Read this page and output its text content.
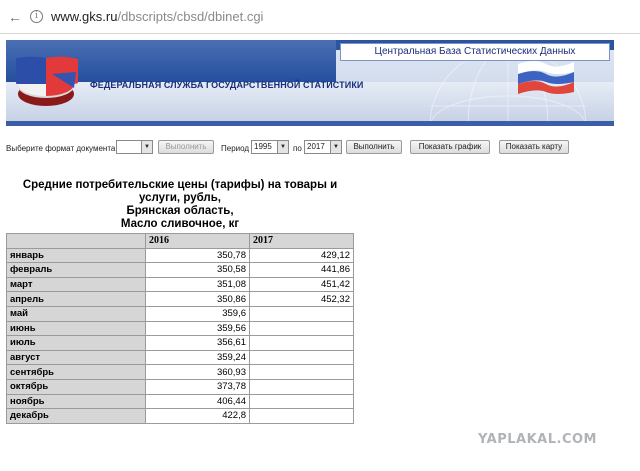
←	i	www.gks.ru/dbscripts/cbsd/dbinet.cgi
Центральная База Статистических Данных
ФЕДЕРАЛЬНАЯ СЛУЖБА ГОСУДАРСТВЕННОЙ СТАТИСТИКИ
Выберите формат документа	▼	Выполнить	Период 1995	▼ по 2017	▼	Выполнить	Показать график	Показать карту
Средние потребительские цены (тарифы) на товары и
услуги, рубль,
Брянская область,
Масло сливочное, кг
	2016	2017
январь	350,78	429,12
февраль	350,58	441,86
март	351,08	451,42
апрель	350,86	452,32
май	359,6	
июнь	359,56	
июль	356,61	
август	359,24	
сентябрь	360,93	
октябрь	373,78	
ноябрь	406,44	
декабрь	422,8	
YAPLAKAL.COM
